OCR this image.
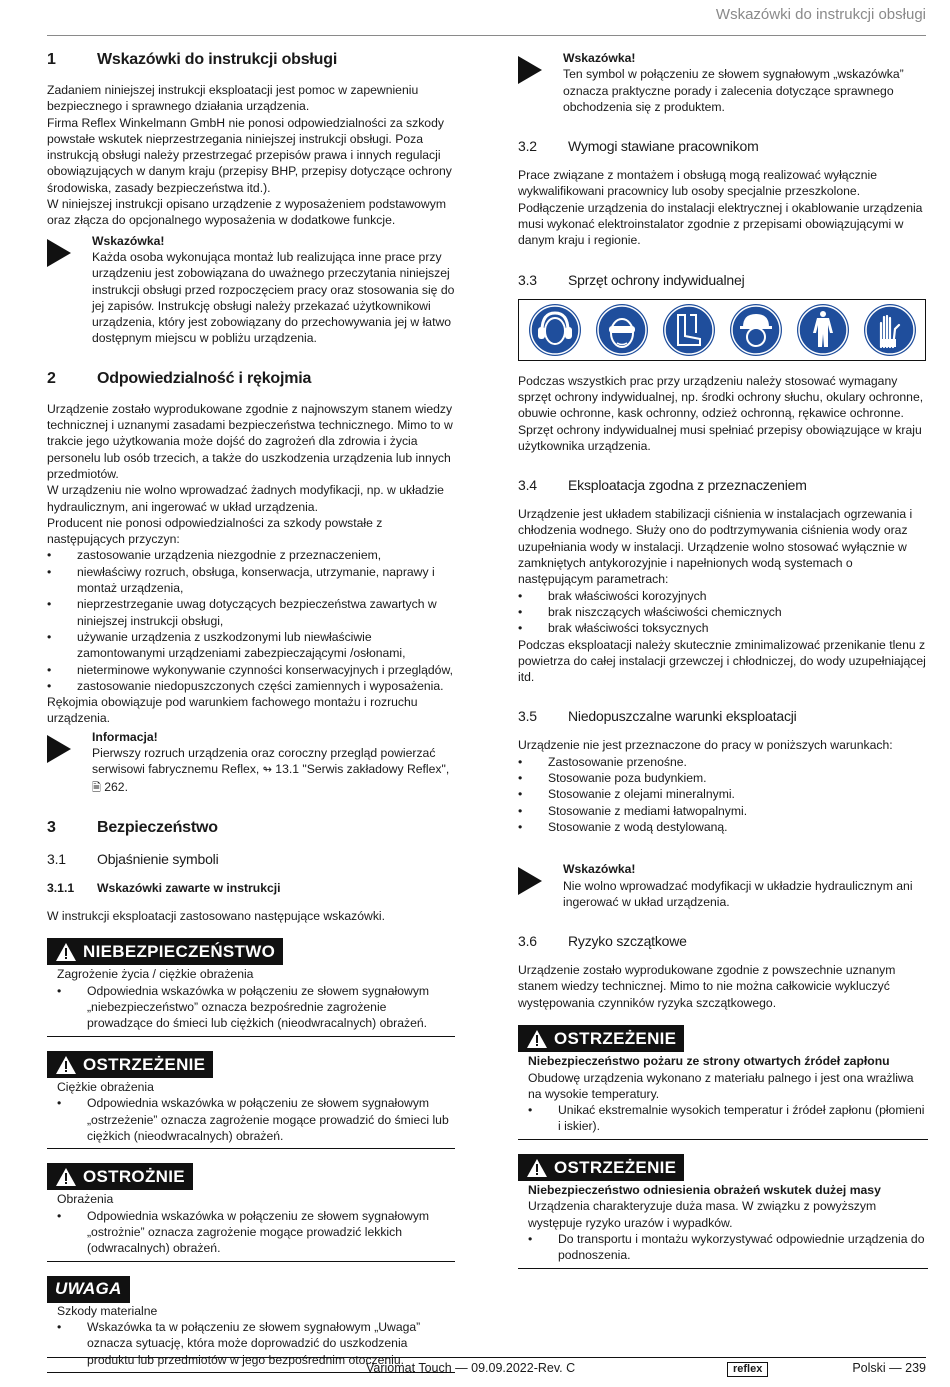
Wskazówki do instrukcji obsługi
1	Wskazówki do instrukcji obsługi

Zadaniem niniejszej instrukcji eksploatacji jest pomoc w zapewnieniu bezpiecznego i sprawnego działania urządzenia.

Firma Reflex Winkelmann GmbH nie ponosi odpowiedzialności za szkody powstałe wskutek nieprzestrzegania niniejszej instrukcji obsługi. Poza instrukcją obsługi należy przestrzegać przepisów prawa i innych regulacji obowiązujących w danym kraju (przepisy BHP, przepisy dotyczące ochrony środowiska, zasady bezpieczeństwa itd.).

W niniejszej instrukcji opisano urządzenie z wyposażeniem podstawowym oraz złącza do opcjonalnego wyposażenia w dodatkowe funkcje.

Wskazówka!
Każda osoba wykonująca montaż lub realizująca inne prace przy urządzeniu jest zobowiązana do uważnego przeczytania niniejszej instrukcji obsługi przed rozpoczęciem pracy oraz stosowania się do jej zapisów. Instrukcję obsługi należy przekazać użytkownikowi urządzenia, który jest zobowiązany do przechowywania jej w łatwo dostępnym miejscu w pobliżu urządzenia.
2	Odpowiedzialność i rękojmia

Urządzenie zostało wyprodukowane zgodnie z najnowszym stanem wiedzy technicznej i uznanymi zasadami bezpieczeństwa technicznego. Mimo to w trakcie jego użytkowania może dojść do zagrożeń dla zdrowia i życia personelu lub osób trzecich, a także do uszkodzenia urządzenia lub innych przedmiotów.

W urządzeniu nie wolno wprowadzać żadnych modyfikacji, np. w układzie hydraulicznym, ani ingerować w układ urządzenia.

Producent nie ponosi odpowiedzialności za szkody powstałe z następujących przyczyn:

• zastosowanie urządzenia niezgodnie z przeznaczeniem,
• niewłaściwy rozruch, obsługa, konserwacja, utrzymanie, naprawy i montaż urządzenia,
• nieprzestrzeganie uwag dotyczących bezpieczeństwa zawartych w niniejszej instrukcji obsługi,
• używanie urządzenia z uszkodzonymi lub niewłaściwie zamontowanymi urządzeniami zabezpieczającymi /osłonami,
• nieterminowe wykonywanie czynności konserwacyjnych i przeglądów,
• zastosowanie niedopuszczonych części zamiennych i wyposażenia.

Rękojmia obowiązuje pod warunkiem fachowego montażu i rozruchu urządzenia.

Informacja!
Pierwszy rozruch urządzenia oraz coroczny przegląd powierzać serwisowi fabrycznemu Reflex, ↬ 13.1 "Serwis zakładowy Reflex",
🗎 262.
3	Bezpieczeństwo
3.1	Objaśnienie symboli
3.1.1	Wskazówki zawarte w instrukcji

W instrukcji eksploatacji zastosowano następujące wskazówki.

NIEBEZPIECZEŃSTWO
Zagrożenie życia / ciężkie obrażenia
• Odpowiednia wskazówka w połączeniu ze słowem sygnałowym „niebezpieczeństwo” oznacza bezpośrednie zagrożenie prowadzące do śmieci lub ciężkich (nieodwracalnych) obrażeń.
OSTRZEŻENIE
Ciężkie obrażenia
• Odpowiednia wskazówka w połączeniu ze słowem sygnałowym „ostrzeżenie” oznacza zagrożenie mogące prowadzić do śmieci lub ciężkich (nieodwracalnych) obrażeń.
OSTROŻNIE
Obrażenia
• Odpowiednia wskazówka w połączeniu ze słowem sygnałowym „ostrożnie” oznacza zagrożenie mogące prowadzić lekkich (odwracalnych) obrażeń.
UWAGA
Szkody materialne
• Wskazówka ta w połączeniu ze słowem sygnałowym „Uwaga” oznacza sytuację, która może doprowadzić do uszkodzenia produktu lub przedmiotów w jego bezpośrednim otoczeniu.
Wskazówka!
Ten symbol w połączeniu ze słowem sygnałowym „wskazówka” oznacza praktyczne porady i zalecenia dotyczące sprawnego obchodzenia się z produktem.
3.2	Wymogi stawiane pracownikom

Prace związane z montażem i obsługą mogą realizować wyłącznie wykwalifikowani pracownicy lub osoby specjalnie przeszkolone.

Podłączenie urządzenia do instalacji elektrycznej i okablowanie urządzenia musi wykonać elektroinstalator zgodnie z przepisami obowiązującymi w danym kraju i regionie.

3.3	Sprzęt ochrony indywidualnej

Podczas wszystkich prac przy urządzeniu należy stosować wymagany sprzęt ochrony indywidualnej, np. środki ochrony słuchu, okulary ochronne, obuwie ochronne, kask ochronny, odzież ochronną, rękawice ochronne.

Sprzęt ochrony indywidualnej musi spełniać przepisy obowiązujące w kraju użytkownika urządzenia.

3.4	Eksploatacja zgodna z przeznaczeniem

Urządzenie jest układem stabilizacji ciśnienia w instalacjach ogrzewania i chłodzenia wodnego. Służy ono do podtrzymywania ciśnienia wody oraz uzupełniania wody w instalacji. Urządzenie wolno stosować wyłącznie w zamkniętych antykorozyjnie i napełnionych wodą systemach o następującym parametrach:

• brak właściwości korozyjnych
• brak niszczących właściwości chemicznych
• brak właściwości toksycznych

Podczas eksploatacji należy skutecznie zminimalizować przenikanie tlenu z powietrza do całej instalacji grzewczej i chłodniczej, do wody uzupełniającej itd.

3.5	Niedopuszczalne warunki eksploatacji

Urządzenie nie jest przeznaczone do pracy w poniższych warunkach:

• Zastosowanie przenośne.
• Stosowanie poza budynkiem.
• Stosowanie z olejami mineralnymi.
• Stosowanie z mediami łatwopalnymi.
• Stosowanie z wodą destylowaną.
Wskazówka!
Nie wolno wprowadzać modyfikacji w układzie hydraulicznym ani ingerować w układ urządzenia.
3.6	Ryzyko szczątkowe

Urządzenie zostało wyprodukowane zgodnie z powszechnie uznanym stanem wiedzy technicznej. Mimo to nie można całkowicie wykluczyć występowania czynników ryzyka szczątkowego.

OSTRZEŻENIE
Niebezpieczeństwo pożaru ze strony otwartych źródeł zapłonu
Obudowę urządzenia wykonano z materiału palnego i jest ona wrażliwa na wysokie temperatury.
• Unikać ekstremalnie wysokich temperatur i źródeł zapłonu (płomieni i iskier).
OSTRZEŻENIE
Niebezpieczeństwo odniesienia obrażeń wskutek dużej masy
Urządzenia charakteryzuje duża masa. W związku z powyższym występuje ryzyko urazów i wypadków.
• Do transportu i montażu wykorzystywać odpowiednie urządzenia do podnoszenia.
Variomat Touch — 09.09.2022-Rev. C	reflex	Polski — 239
